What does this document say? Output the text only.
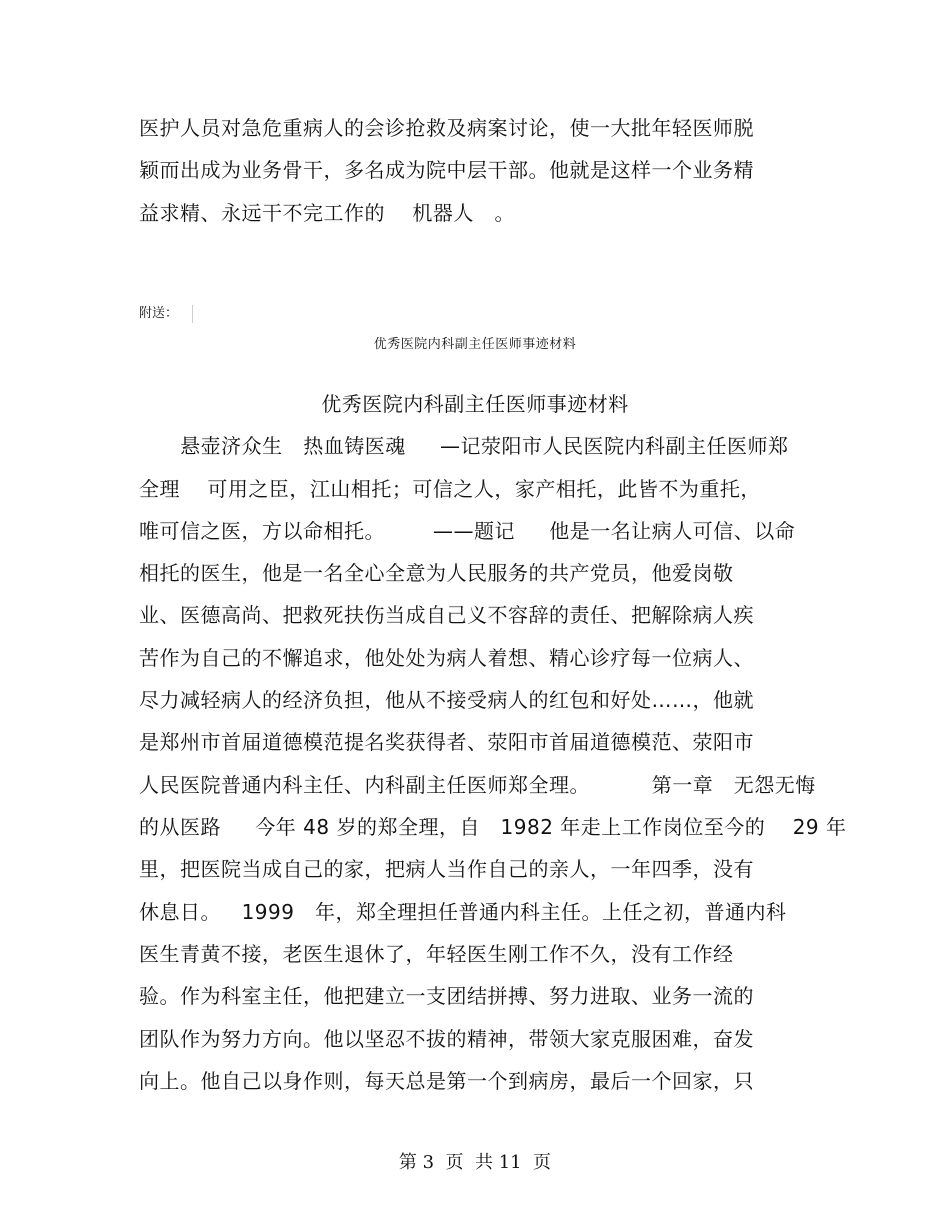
医护人员对急危重病人的会诊抢救及病案讨论，使一大批年轻医师脱
颖而出成为业务骨干，多名成为院中层干部。他就是这样一个业务精
益求精、永远干不完工作的    机器人   。
附送：
优秀医院内科副主任医师事迹材料
优秀医院内科副主任医师事迹材料
悬壶济众生   热血铸医魂     —记荥阳市人民医院内科副主任医师郑
全理    可用之臣，江山相托；可信之人，家产相托，此皆不为重托，
唯可信之医，方以命相托。       ——题记     他是一名让病人可信、以命
相托的医生，他是一名全心全意为人民服务的共产党员，他爱岗敬
业、医德高尚、把救死扶伤当成自己义不容辞的责任、把解除病人疾
苦作为自己的不懈追求，他处处为病人着想、精心诊疗每一位病人、
尽力减轻病人的经济负担，他从不接受病人的红包和好处……，他就
是郑州市首届道德模范提名奖获得者、荥阳市首届道德模范、荥阳市
人民医院普通内科主任、内科副主任医师郑全理。         第一章   无怨无悔
的从医路     今年 48 岁的郑全理，自   1982 年走上工作岗位至今的    29 年
里，把医院当成自己的家，把病人当作自己的亲人，一年四季，没有
休息日。   1999   年，郑全理担任普通内科主任。上任之初，普通内科
医生青黄不接，老医生退休了，年轻医生刚工作不久，没有工作经
验。作为科室主任，他把建立一支团结拼搏、努力进取、业务一流的
团队作为努力方向。他以坚忍不拔的精神，带领大家克服困难，奋发
向上。他自己以身作则，每天总是第一个到病房，最后一个回家，只
第 3  页  共 11  页
